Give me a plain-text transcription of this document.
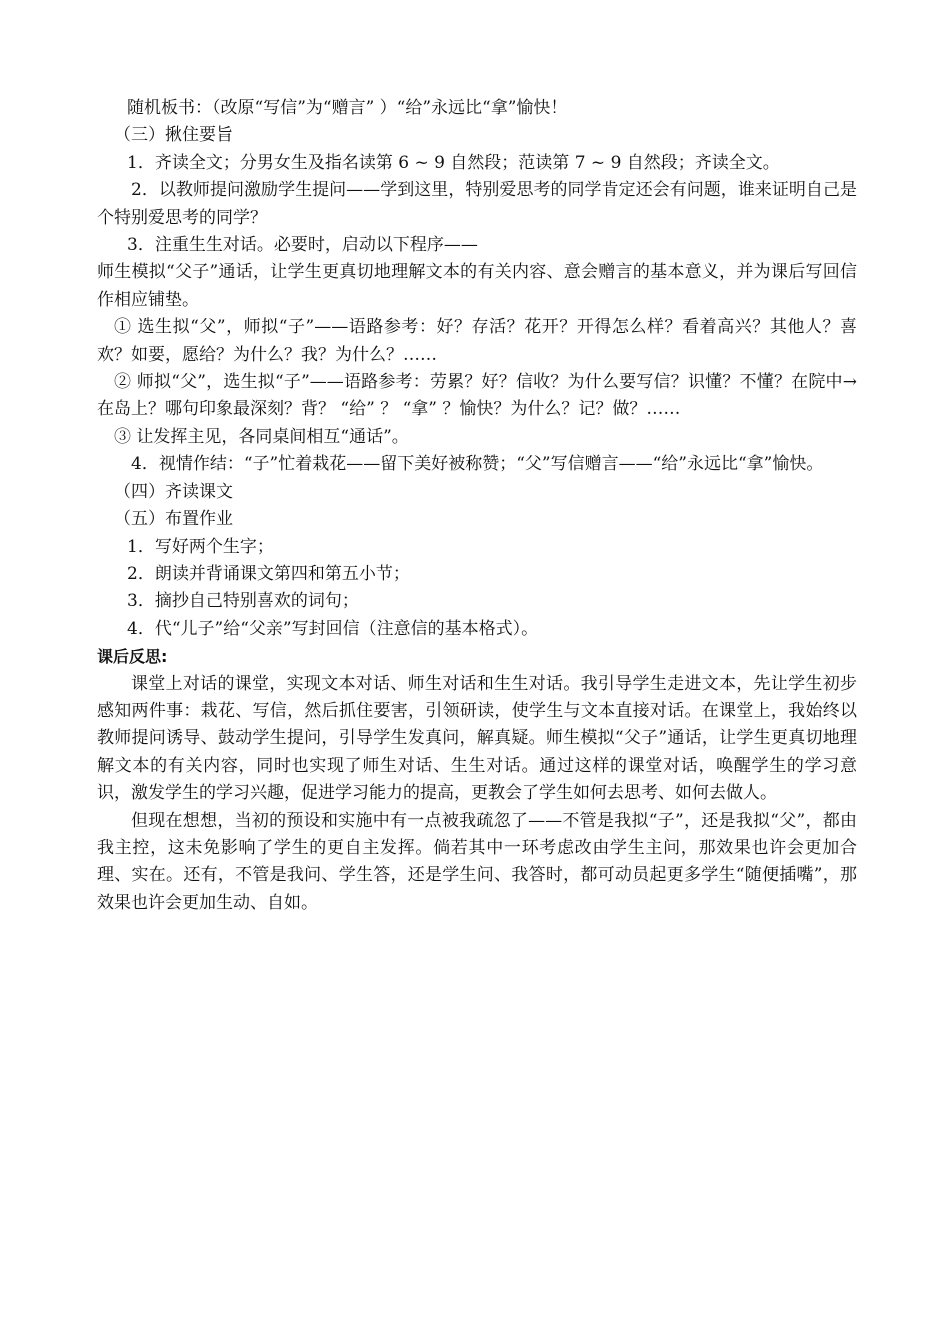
随机板书：（改原“写信”为“赠言” ）“给”永远比“拿”愉快！

（三）揪住要旨

1．齐读全文；分男女生及指名读第 6 ~ 9 自然段；范读第 7 ~ 9 自然段；齐读全文。

2．以教师提问激励学生提问——学到这里，特别爱思考的同学肯定还会有问题，谁来证明自己是个特别爱思考的同学？

3．注重生生对话。必要时，启动以下程序——

师生模拟“父子”通话，让学生更真切地理解文本的有关内容、意会赠言的基本意义，并为课后写回信作相应铺垫。

① 选生拟“父”，师拟“子”——语路参考：好？存活？花开？开得怎么样？看着高兴？其他人？喜欢？如要，愿给？为什么？我？为什么？……

② 师拟“父”，选生拟“子”——语路参考：劳累？好？信收？为什么要写信？识懂？不懂？在院中→在岛上？哪句印象最深刻？背？ “给” ？ “拿” ？愉快？为什么？记？做？……

③ 让发挥主见，各同桌间相互“通话”。

4．视情作结：“子”忙着栽花——留下美好被称赞；“父”写信赠言——“给”永远比“拿”愉快。

（四）齐读课文

（五）布置作业

1．写好两个生字；

2．朗读并背诵课文第四和第五小节；

3．摘抄自己特别喜欢的词句；

4．代“儿子”给“父亲”写封回信（注意信的基本格式）。

课后反思:

课堂上对话的课堂，实现文本对话、师生对话和生生对话。我引导学生走进文本，先让学生初步感知两件事：栽花、写信，然后抓住要害，引领研读，使学生与文本直接对话。在课堂上，我始终以教师提问诱导、鼓动学生提问，引导学生发真问，解真疑。师生模拟“父子”通话，让学生更真切地理解文本的有关内容，同时也实现了师生对话、生生对话。通过这样的课堂对话，唤醒学生的学习意识，激发学生的学习兴趣，促进学习能力的提高，更教会了学生如何去思考、如何去做人。

但现在想想，当初的预设和实施中有一点被我疏忽了——不管是我拟“子”，还是我拟“父”，都由我主控，这未免影响了学生的更自主发挥。倘若其中一环考虑改由学生主问，那效果也许会更加合理、实在。还有，不管是我问、学生答，还是学生问、我答时，都可动员起更多学生“随便插嘴”，那效果也许会更加生动、自如。
